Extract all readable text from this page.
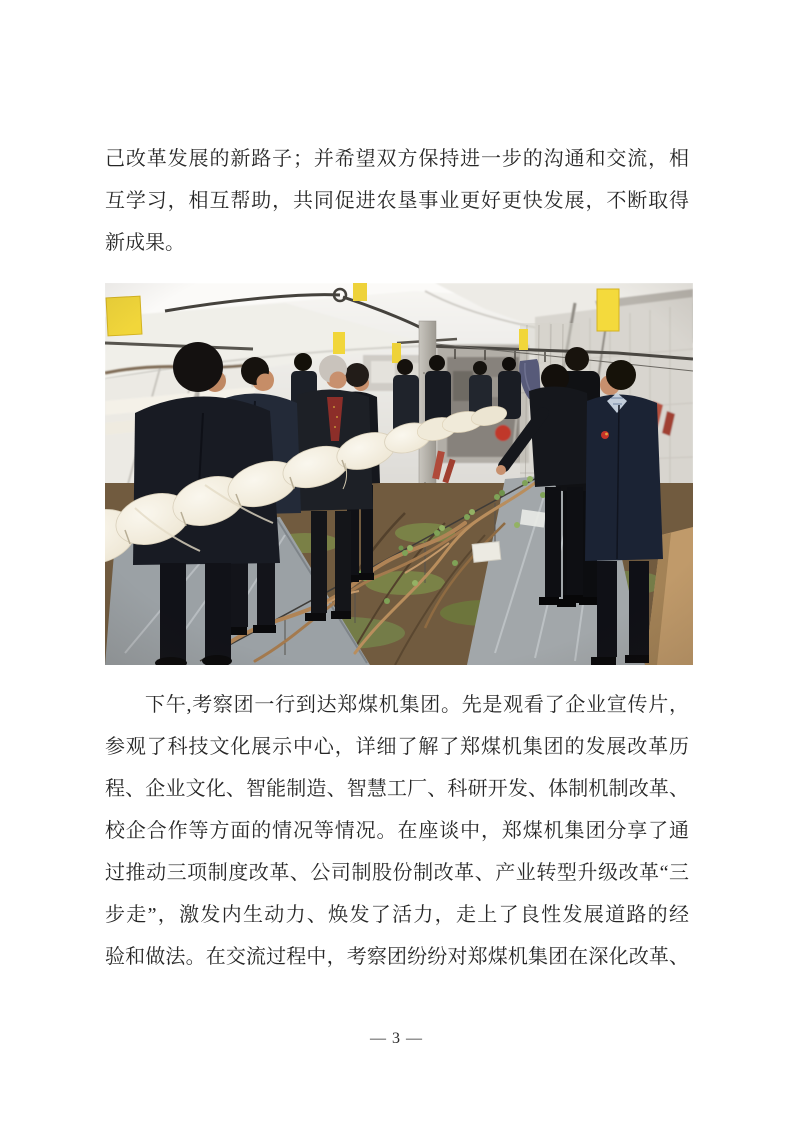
己改革发展的新路子；并希望双方保持进一步的沟通和交流，相
互学习，相互帮助，共同促进农垦事业更好更快发展，不断取得
新成果。
下午,考察团一行到达郑煤机集团。先是观看了企业宣传片，
参观了科技文化展示中心，详细了解了郑煤机集团的发展改革历
程、企业文化、智能制造、智慧工厂、科研开发、体制机制改革、
校企合作等方面的情况等情况。在座谈中，郑煤机集团分享了通
过推动三项制度改革、公司制股份制改革、产业转型升级改革“三
步走”，激发内生动力、焕发了活力，走上了良性发展道路的经
验和做法。在交流过程中，考察团纷纷对郑煤机集团在深化改革、
— 3 —
